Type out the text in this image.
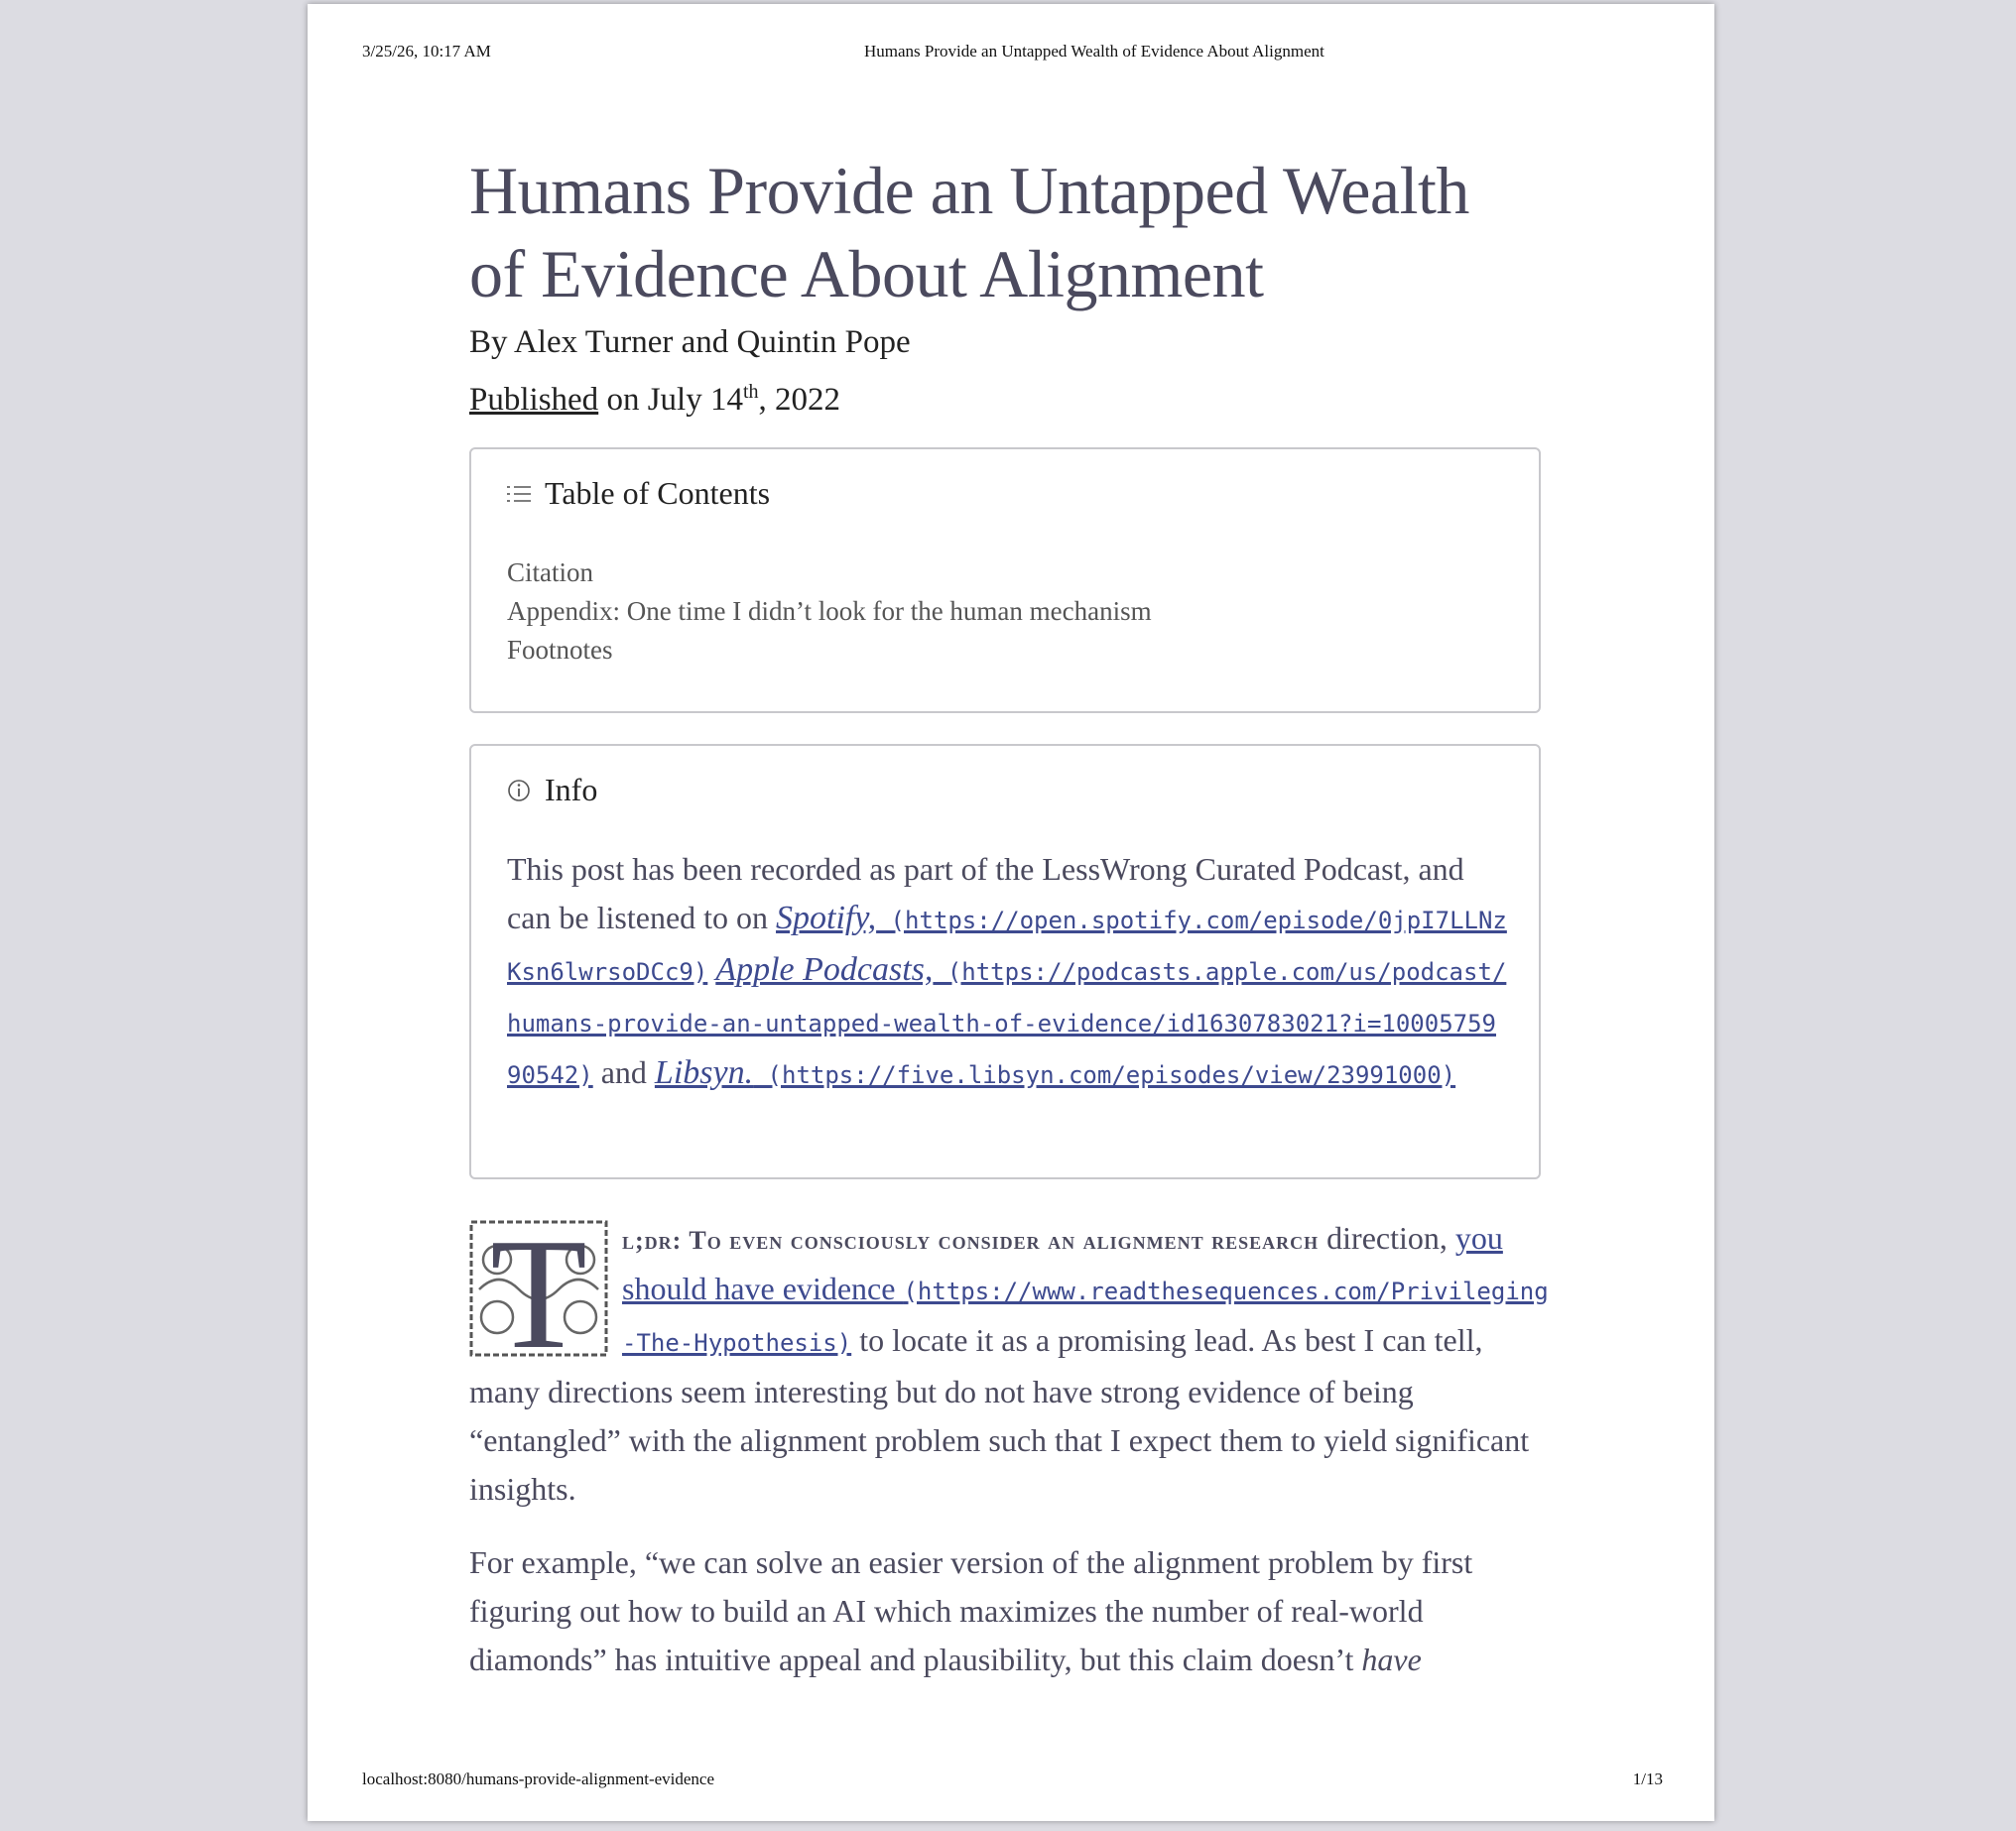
3/25/26, 10:17 AM	Humans Provide an Untapped Wealth of Evidence About Alignment
Humans Provide an Untapped Wealth
of Evidence About Alignment
By Alex Turner and Quintin Pope
Published on July 14th, 2022
Table of Contents
Citation
Appendix: One time I didn’t look for the human mechanism
Footnotes
Info
This post has been recorded as part of the LessWrong Curated Podcast, and can be listened to on Spotify, (https://open.spotify.com/episode/0jpI7LLNzKsn6lwrsoDCc9) Apple Podcasts, (https://podcasts.apple.com/us/podcast/humans-provide-an-untapped-wealth-of-evidence/id1630783021?i=1000575990542) and Libsyn. (https://five.libsyn.com/episodes/view/23991000)
T l;dr: To even consciously consider an alignment research direction, you should have evidence (https://www.readthesequences.com/Privileging-The-Hypothesis) to locate it as a promising lead. As best I can tell, many directions seem interesting but do not have strong evidence of being “entangled” with the alignment problem such that I expect them to yield significant insights.
For example, “we can solve an easier version of the alignment problem by first figuring out how to build an AI which maximizes the number of real-world diamonds” has intuitive appeal and plausibility, but this claim doesn’t have
localhost:8080/humans-provide-alignment-evidence	1/13
